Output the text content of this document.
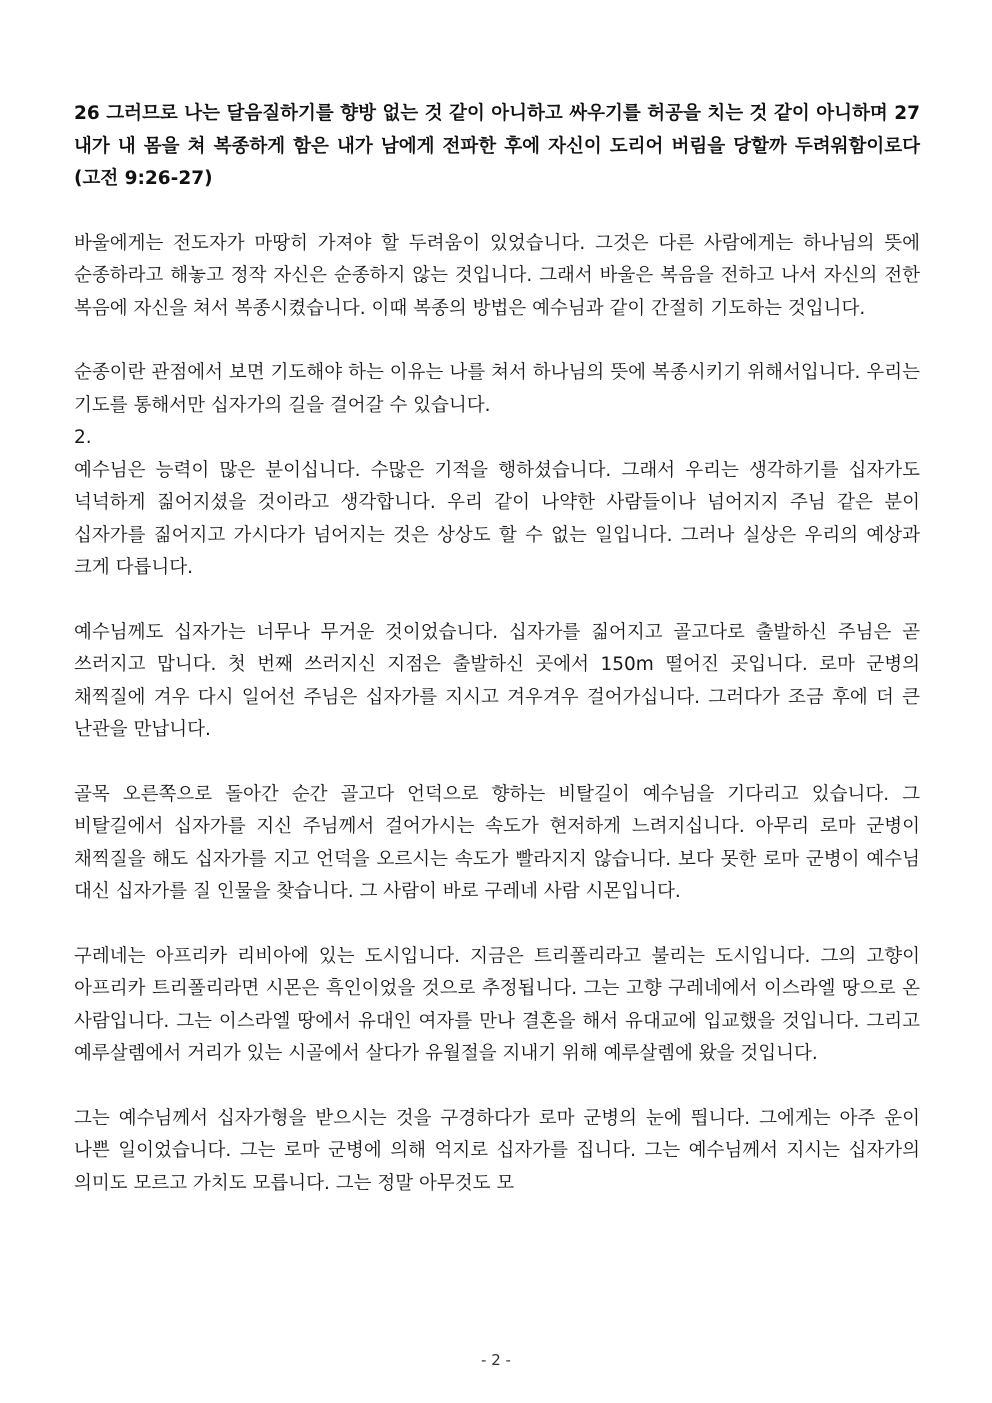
26 그러므로 나는 달음질하기를 향방 없는 것 같이 아니하고 싸우기를 허공을 치는 것 같이 아니하며 27 내가 내 몸을 쳐 복종하게 함은 내가 남에게 전파한 후에 자신이 도리어 버림을 당할까 두려워함이로다 (고전 9:26-27)

바울에게는 전도자가 마땅히 가져야 할 두려움이 있었습니다. 그것은 다른 사람에게는 하나님의 뜻에 순종하라고 해놓고 정작 자신은 순종하지 않는 것입니다. 그래서 바울은 복음을 전하고 나서 자신의 전한 복음에 자신을 쳐서 복종시켰습니다. 이때 복종의 방법은 예수님과 같이 간절히 기도하는 것입니다.

순종이란 관점에서 보면 기도해야 하는 이유는 나를 쳐서 하나님의 뜻에 복종시키기 위해서입니다. 우리는 기도를 통해서만 십자가의 길을 걸어갈 수 있습니다.

2.

예수님은 능력이 많은 분이십니다. 수많은 기적을 행하셨습니다. 그래서 우리는 생각하기를 십자가도 넉넉하게 짊어지셨을 것이라고 생각합니다. 우리 같이 나약한 사람들이나 넘어지지 주님 같은 분이 십자가를 짊어지고 가시다가 넘어지는 것은 상상도 할 수 없는 일입니다. 그러나 실상은 우리의 예상과 크게 다릅니다.

예수님께도 십자가는 너무나 무거운 것이었습니다. 십자가를 짊어지고 골고다로 출발하신 주님은 곧 쓰러지고 맙니다. 첫 번째 쓰러지신 지점은 출발하신 곳에서 150m 떨어진 곳입니다. 로마 군병의 채찍질에 겨우 다시 일어선 주님은 십자가를 지시고 겨우겨우 걸어가십니다. 그러다가 조금 후에 더 큰 난관을 만납니다.

골목 오른쪽으로 돌아간 순간 골고다 언덕으로 향하는 비탈길이 예수님을 기다리고 있습니다. 그 비탈길에서 십자가를 지신 주님께서 걸어가시는 속도가 현저하게 느려지십니다. 아무리 로마 군병이 채찍질을 해도 십자가를 지고 언덕을 오르시는 속도가 빨라지지 않습니다. 보다 못한 로마 군병이 예수님 대신 십자가를 질 인물을 찾습니다. 그 사람이 바로 구레네 사람 시몬입니다.

구레네는 아프리카 리비아에 있는 도시입니다. 지금은 트리폴리라고 불리는 도시입니다. 그의 고향이 아프리카 트리폴리라면 시몬은 흑인이었을 것으로 추정됩니다. 그는 고향 구레네에서 이스라엘 땅으로 온 사람입니다. 그는 이스라엘 땅에서 유대인 여자를 만나 결혼을 해서 유대교에 입교했을 것입니다. 그리고 예루살렘에서 거리가 있는 시골에서 살다가 유월절을 지내기 위해 예루살렘에 왔을 것입니다.

그는 예수님께서 십자가형을 받으시는 것을 구경하다가 로마 군병의 눈에 띕니다. 그에게는 아주 운이 나쁜 일이었습니다. 그는 로마 군병에 의해 억지로 십자가를 집니다. 그는 예수님께서 지시는 십자가의 의미도 모르고 가치도 모릅니다. 그는 정말 아무것도 모

- 2 -
